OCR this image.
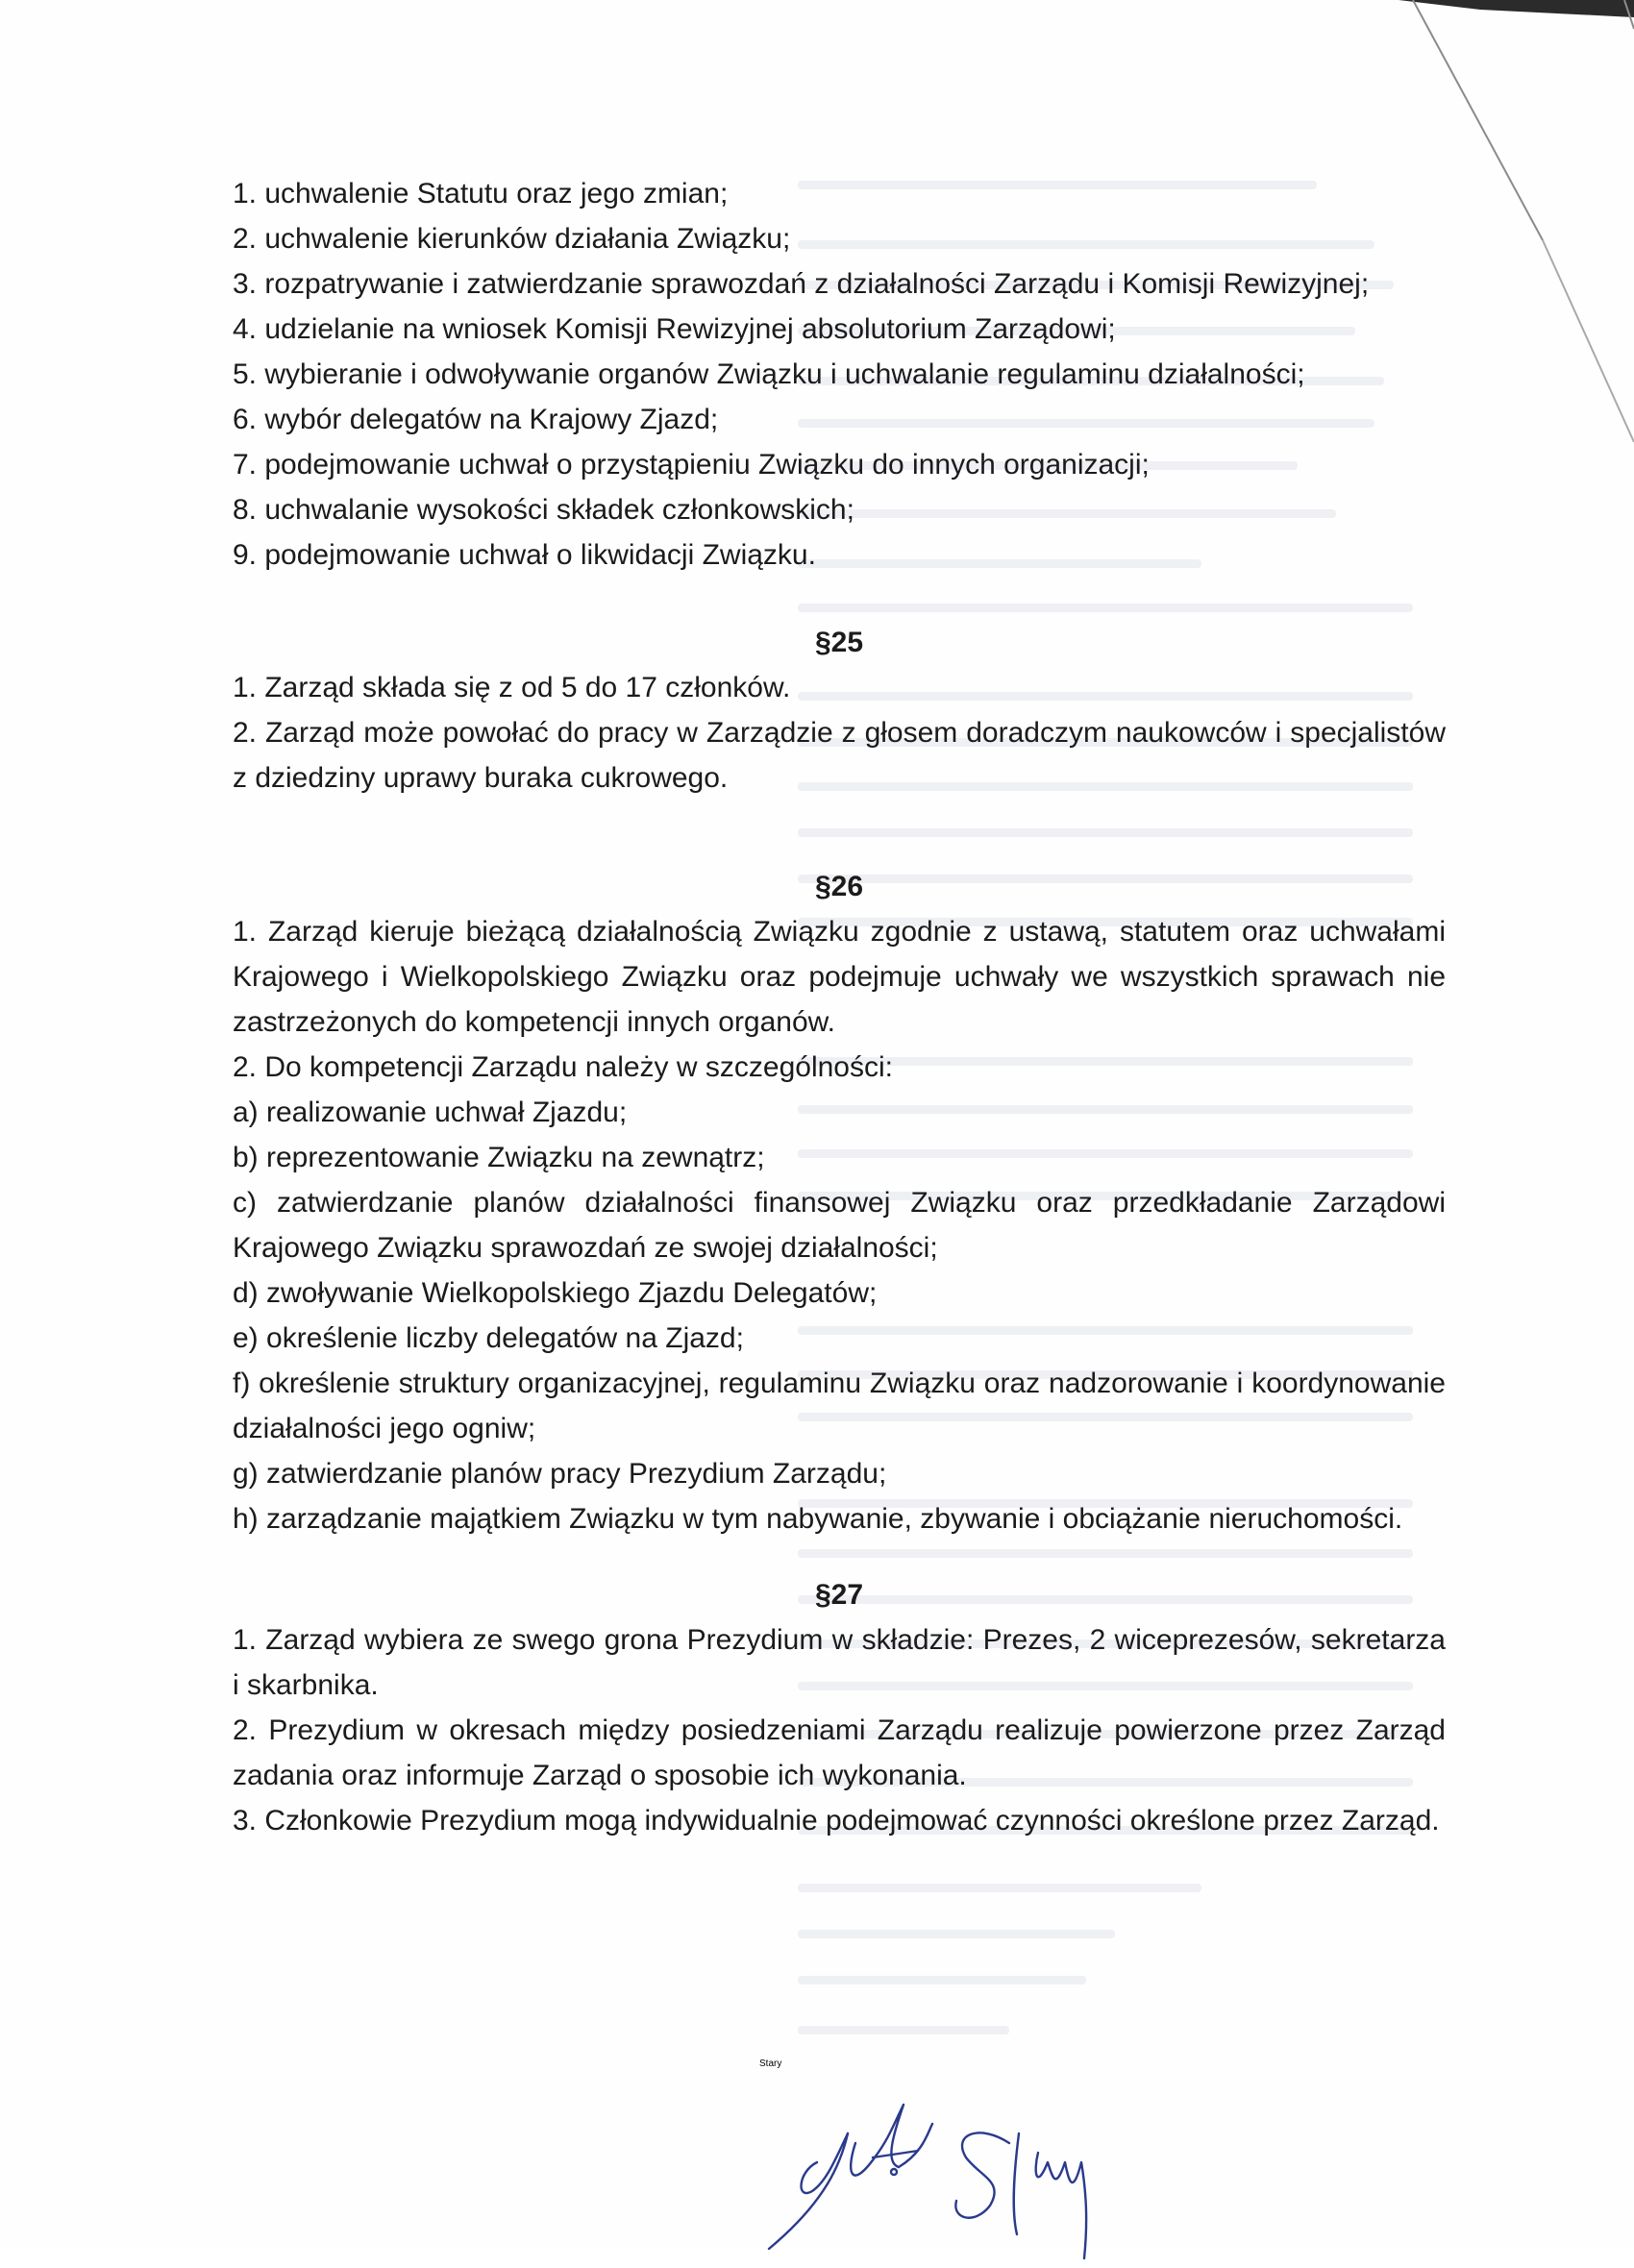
1. uchwalenie Statutu oraz jego zmian;
2. uchwalenie kierunków działania Związku;
3. rozpatrywanie i zatwierdzanie sprawozdań z działalności Zarządu i Komisji Rewizyjnej;
4. udzielanie na wniosek Komisji Rewizyjnej absolutorium Zarządowi;
5. wybieranie i odwoływanie organów Związku i uchwalanie regulaminu działalności;
6. wybór delegatów na Krajowy Zjazd;
7. podejmowanie uchwał o przystąpieniu Związku do innych organizacji;
8. uchwalanie wysokości składek członkowskich;
9. podejmowanie uchwał o likwidacji Związku.
§25
1. Zarząd składa się z od 5 do 17 członków.
2. Zarząd może powołać do pracy w Zarządzie z głosem doradczym naukowców i specjalistów z dziedziny uprawy buraka cukrowego.
§26
1. Zarząd kieruje bieżącą działalnością Związku zgodnie z ustawą, statutem oraz uchwałami Krajowego i Wielkopolskiego Związku oraz podejmuje uchwały we wszystkich sprawach nie zastrzeżonych do kompetencji innych organów.
2. Do kompetencji Zarządu należy w szczególności:
a) realizowanie uchwał Zjazdu;
b) reprezentowanie Związku na zewnątrz;
c) zatwierdzanie planów działalności finansowej Związku oraz przedkładanie Zarządowi Krajowego Związku sprawozdań ze swojej działalności;
d) zwoływanie Wielkopolskiego Zjazdu Delegatów;
e) określenie liczby delegatów na Zjazd;
f) określenie struktury organizacyjnej, regulaminu Związku oraz nadzorowanie i koordynowanie działalności jego ogniw;
g) zatwierdzanie planów pracy Prezydium Zarządu;
h) zarządzanie majątkiem Związku w tym nabywanie, zbywanie i obciążanie nieruchomości.
§27
1. Zarząd wybiera ze swego grona Prezydium w składzie: Prezes, 2 wiceprezesów, sekretarza i skarbnika.
2. Prezydium w okresach między posiedzeniami Zarządu realizuje powierzone przez Zarząd zadania oraz informuje Zarząd o sposobie ich wykonania.
3. Członkowie Prezydium mogą indywidualnie podejmować czynności określone przez Zarząd.
Stary
